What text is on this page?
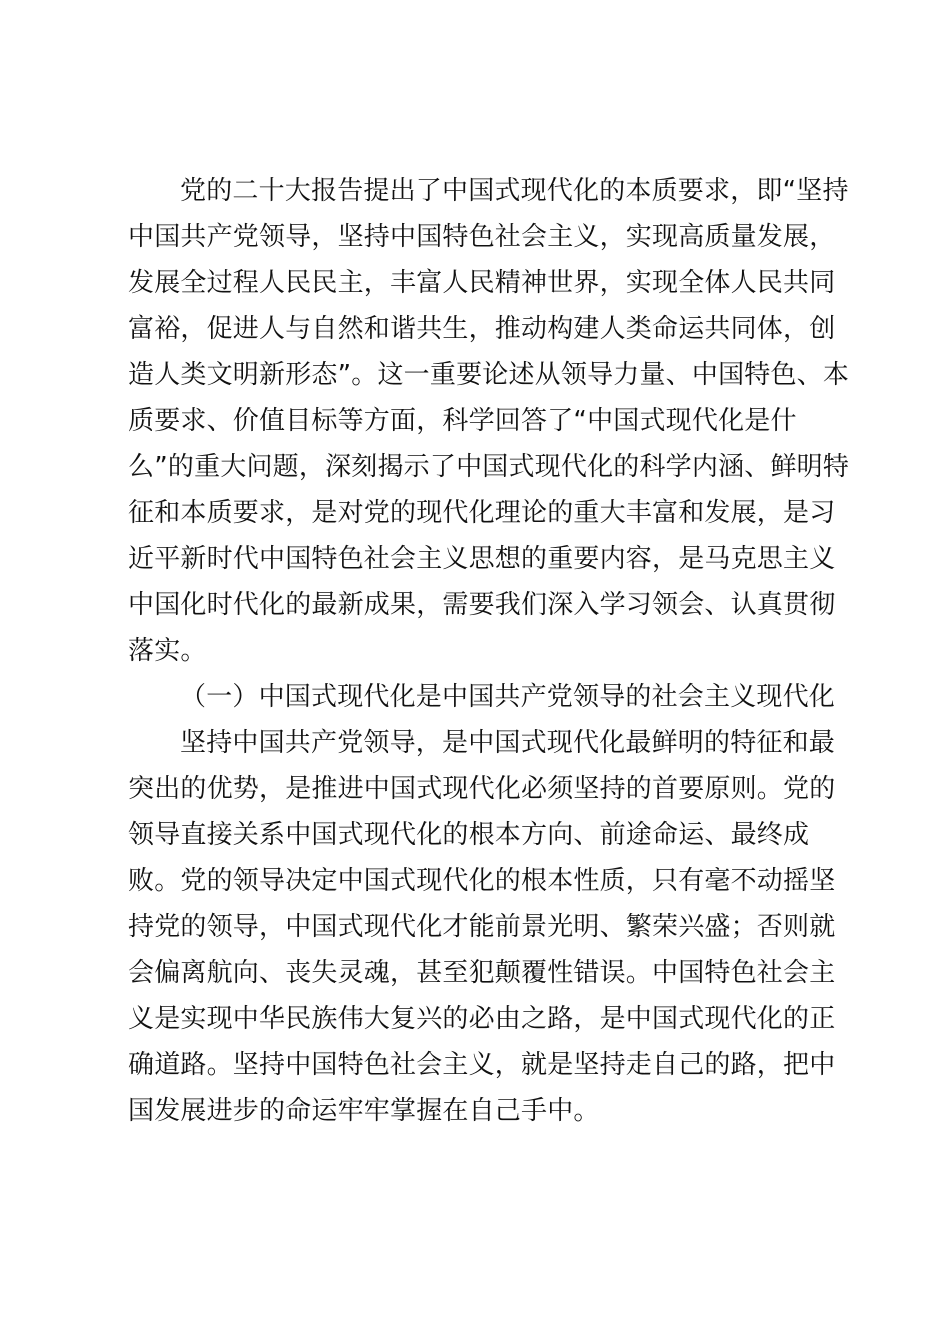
党的二十大报告提出了中国式现代化的本质要求，即“坚持
中国共产党领导，坚持中国特色社会主义，实现高质量发展，
发展全过程人民民主，丰富人民精神世界，实现全体人民共同
富裕，促进人与自然和谐共生，推动构建人类命运共同体，创
造人类文明新形态”。这一重要论述从领导力量、中国特色、本
质要求、价值目标等方面，科学回答了“中国式现代化是什
么”的重大问题，深刻揭示了中国式现代化的科学内涵、鲜明特
征和本质要求，是对党的现代化理论的重大丰富和发展，是习
近平新时代中国特色社会主义思想的重要内容，是马克思主义
中国化时代化的最新成果，需要我们深入学习领会、认真贯彻
落实。
（一）中国式现代化是中国共产党领导的社会主义现代化
坚持中国共产党领导，是中国式现代化最鲜明的特征和最
突出的优势，是推进中国式现代化必须坚持的首要原则。党的
领导直接关系中国式现代化的根本方向、前途命运、最终成
败。党的领导决定中国式现代化的根本性质，只有毫不动摇坚
持党的领导，中国式现代化才能前景光明、繁荣兴盛；否则就
会偏离航向、丧失灵魂，甚至犯颠覆性错误。中国特色社会主
义是实现中华民族伟大复兴的必由之路，是中国式现代化的正
确道路。坚持中国特色社会主义，就是坚持走自己的路，把中
国发展进步的命运牢牢掌握在自己手中。
